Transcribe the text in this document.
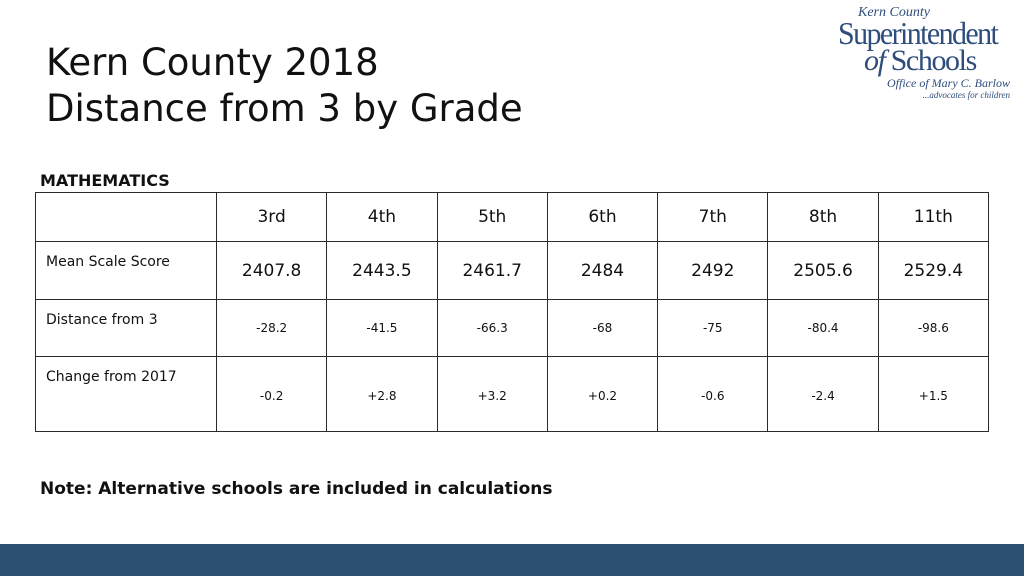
Kern County 2018
Distance from 3 by Grade
Kern County
Superintendent
of Schools
Office of Mary C. Barlow
...advocates for children
MATHEMATICS
	3rd	4th	5th	6th	7th	8th	11th
Mean Scale Score	2407.8	2443.5	2461.7	2484	2492	2505.6	2529.4
Distance from 3	-28.2	-41.5	-66.3	-68	-75	-80.4	-98.6
Change from 2017	-0.2	+2.8	+3.2	+0.2	-0.6	-2.4	+1.5
Note: Alternative schools are included in calculations
